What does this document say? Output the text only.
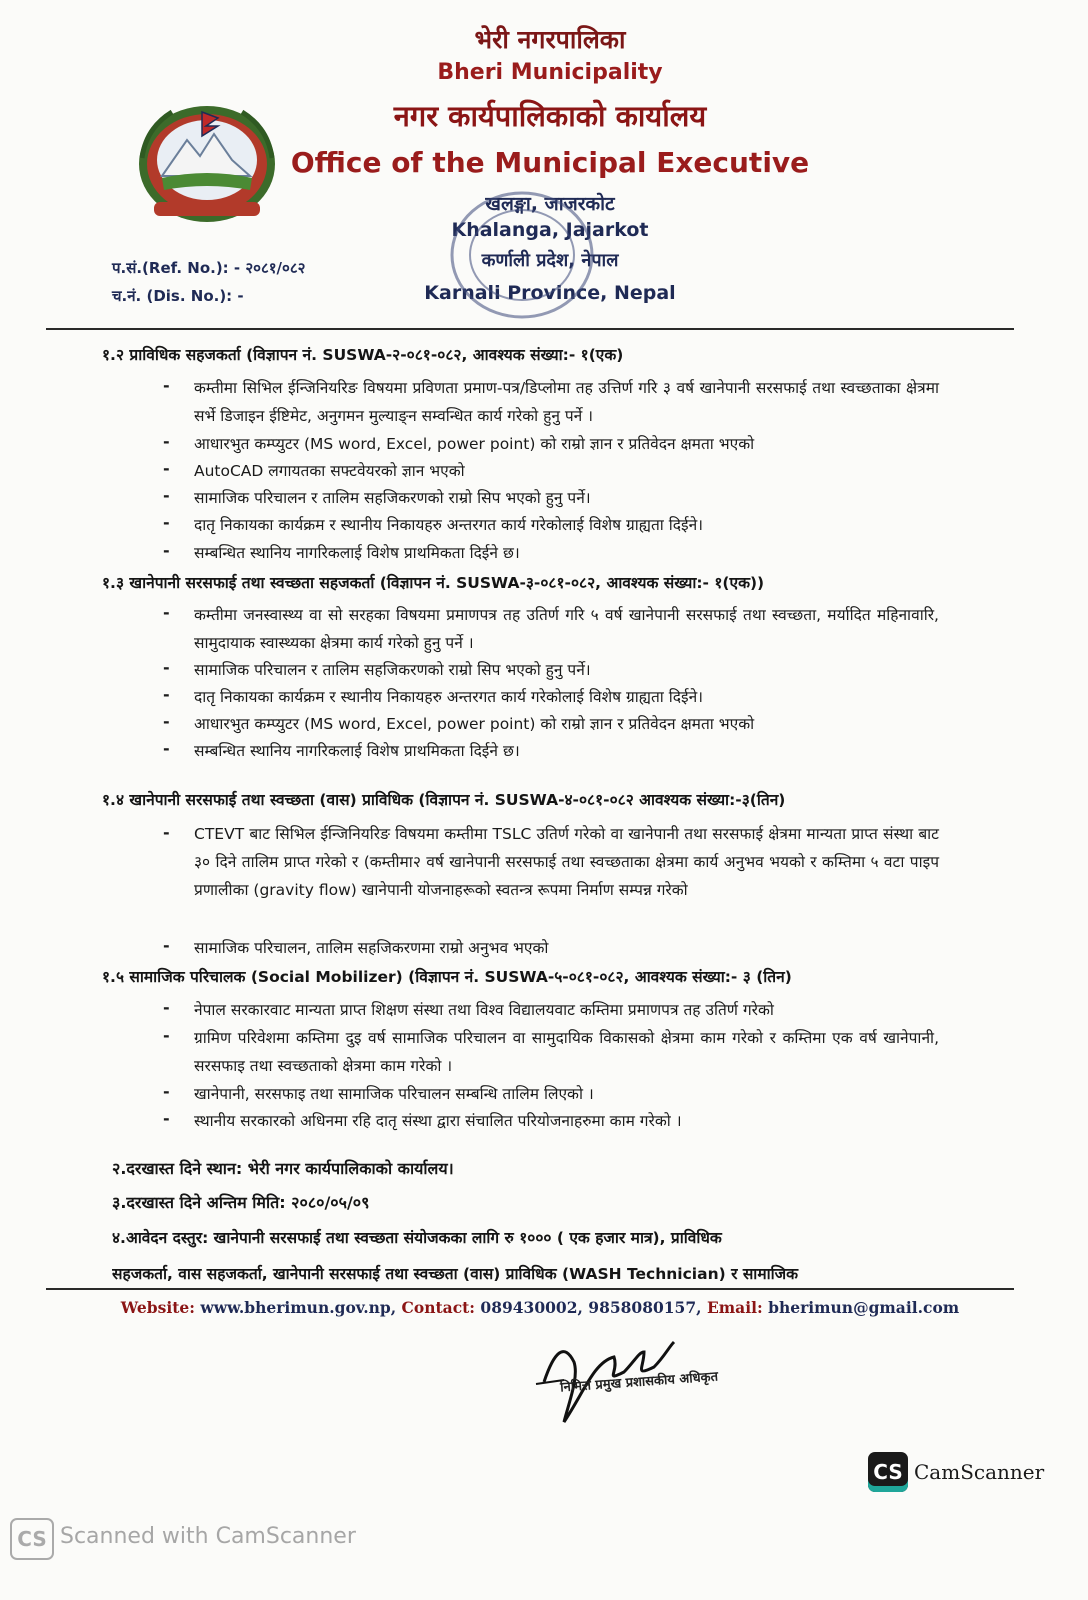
भेरी नगरपालिका
Bheri Municipality
नगर कार्यपालिकाको कार्यालय
Office of the Municipal Executive
खलङ्गा, जाजरकोट
Khalanga, Jajarkot
कर्णाली प्रदेश, नेपाल
Karnali Province, Nepal
प.सं.(Ref. No.): - २०८१/०८२
च.नं. (Dis. No.): -
१.२ प्राविधिक सहजकर्ता (विज्ञापन नं. SUSWA-२-०८१-०८२, आवश्यक संख्या:- १(एक)
- कम्तीमा सिभिल ईन्जिनियरिङ विषयमा प्रविणता प्रमाण-पत्र/डिप्लोमा तह उत्तिर्ण गरि ३ वर्ष खानेपानी सरसफाई तथा स्वच्छताका क्षेत्रमा सर्भे डिजाइन ईष्टिमेट, अनुगमन मुल्याङ्न सम्वन्धित कार्य गरेको हुनु पर्ने ।
- आधारभुत कम्प्युटर (MS word, Excel, power point) को राम्रो ज्ञान र प्रतिवेदन क्षमता भएको
- AutoCAD लगायतका सफ्टवेयरको ज्ञान भएको
- सामाजिक परिचालन र तालिम सहजिकरणको राम्रो सिप भएको हुनु पर्ने।
- दातृ निकायका कार्यक्रम र स्थानीय निकायहरु अन्तरगत कार्य गरेकोलाई विशेष ग्राह्यता दिईने।
- सम्बन्धित स्थानिय नागरिकलाई विशेष प्राथमिकता दिईने छ।
१.३ खानेपानी सरसफाई तथा स्वच्छता सहजकर्ता (विज्ञापन नं. SUSWA-३-०८१-०८२, आवश्यक संख्या:- १(एक))
- कम्तीमा जनस्वास्थ्य वा सो सरहका विषयमा प्रमाणपत्र तह उतिर्ण गरि ५ वर्ष खानेपानी सरसफाई तथा स्वच्छता, मर्यादित महिनावारि, सामुदायाक स्वास्थ्यका क्षेत्रमा कार्य गरेको हुनु पर्ने ।
- सामाजिक परिचालन र तालिम सहजिकरणको राम्रो सिप भएको हुनु पर्ने।
- दातृ निकायका कार्यक्रम र स्थानीय निकायहरु अन्तरगत कार्य गरेकोलाई विशेष ग्राह्यता दिईने।
- आधारभुत कम्प्युटर (MS word, Excel, power point) को राम्रो ज्ञान र प्रतिवेदन क्षमता भएको
- सम्बन्धित स्थानिय नागरिकलाई विशेष प्राथमिकता दिईने छ।
१.४ खानेपानी सरसफाई तथा स्वच्छता (वास) प्राविधिक (विज्ञापन नं. SUSWA-४-०८१-०८२ आवश्यक संख्या:-३(तिन)
- CTEVT बाट सिभिल ईन्जिनियरिङ विषयमा कम्तीमा TSLC उतिर्ण गरेको वा खानेपानी तथा सरसफाई क्षेत्रमा मान्यता प्राप्त संस्था बाट ३० दिने तालिम प्राप्त गरेको र (कम्तीमा२ वर्ष खानेपानी सरसफाई तथा स्वच्छताका क्षेत्रमा कार्य अनुभव भयको र कम्तिमा ५ वटा पाइप प्रणालीका (gravity flow) खानेपानी योजनाहरूको स्वतन्त्र रूपमा निर्माण सम्पन्न गरेको
- सामाजिक परिचालन, तालिम सहजिकरणमा राम्रो अनुभव भएको
१.५ सामाजिक परिचालक (Social Mobilizer) (विज्ञापन नं. SUSWA-५-०८१-०८२, आवश्यक संख्या:- ३ (तिन)
- नेपाल सरकारवाट मान्यता प्राप्त शिक्षण संस्था तथा विश्व विद्यालयवाट कम्तिमा प्रमाणपत्र तह उतिर्ण गरेको
- ग्रामिण परिवेशमा कम्तिमा दुइ वर्ष सामाजिक परिचालन वा सामुदायिक विकासको क्षेत्रमा काम गरेको र कम्तिमा एक वर्ष खानेपानी, सरसफाइ तथा स्वच्छताको क्षेत्रमा काम गरेको ।
- खानेपानी, सरसफाइ तथा सामाजिक परिचालन सम्बन्धि तालिम लिएको ।
- स्थानीय सरकारको अधिनमा रहि दातृ संस्था द्वारा संचालित परियोजनाहरुमा काम गरेको ।
२.दरखास्त दिने स्थान: भेरी नगर कार्यपालिकाको कार्यालय।
३.दरखास्त दिने अन्तिम मिति: २०८०/०५/०९
४.आवेदन दस्तुर: खानेपानी सरसफाई तथा स्वच्छता संयोजकका लागि रु १००० ( एक हजार मात्र), प्राविधिक
सहजकर्ता, वास सहजकर्ता, खानेपानी सरसफाई तथा स्वच्छता (वास) प्राविधिक (WASH Technician) र सामाजिक
Website: www.bherimun.gov.np, Contact: 089430002, 9858080157, Email: bherimun@gmail.com
निमित्त प्रमुख प्रशासकीय अधिकृत
CS CamScanner
CS Scanned with CamScanner
